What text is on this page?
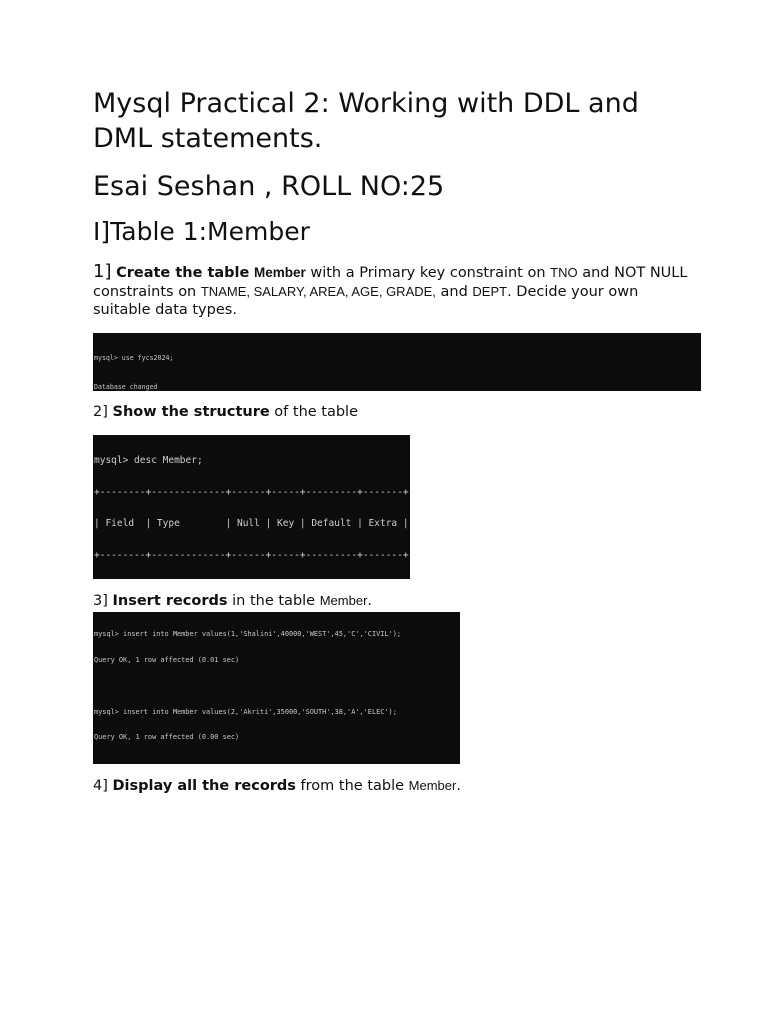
Mysql Practical 2: Working with DDL and DML statements.
Esai Seshan , ROLL NO:25
I]Table 1:Member

1] Create the table Member with a Primary key constraint on TNO and NOT NULL constraints on TNAME, SALARY, AREA, AGE, GRADE, and DEPT. Decide your own suitable data types.

2] Show the structure of the table

3] Insert records in the table Member.

4] Display all the records from the table Member.

mysql> use fycs2024;

Database changed

mysql> desc Member;

+--------+-------------+------+-----+---------+-------+

| Field  | Type        | Null | Key | Default | Extra |

+--------+-------------+------+-----+---------+-------+

mysql> insert into Member values(1,'Shalini',40000,'WEST',45,'C','CIVIL');

Query OK, 1 row affected (0.01 sec)

mysql> insert into Member values(2,'Akriti',35000,'SOUTH',38,'A','ELEC');

Query OK, 1 row affected (0.00 sec)
